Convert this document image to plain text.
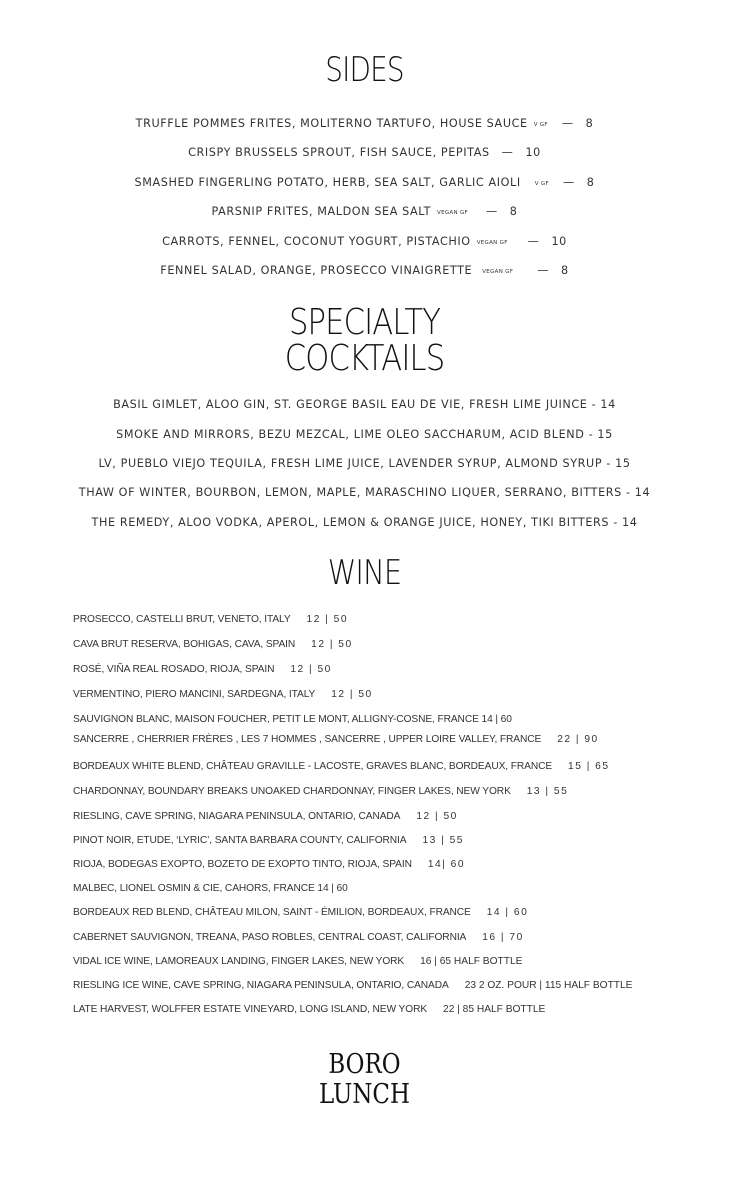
SIDES
TRUFFLE POMMES FRITES, MOLITERNO TARTUFO, HOUSE SAUCE V GF — 8
CRISPY BRUSSELS SPROUT, FISH SAUCE, PEPITAS — 10
SMASHED FINGERLING POTATO, HERB, SEA SALT, GARLIC AIOLI	V GF — 8
PARSNIP FRITES, MALDON SEA SALT VEGAN GF — 8
CARROTS, FENNEL, COCONUT YOGURT, PISTACHIO VEGAN GF — 10
FENNEL SALAD, ORANGE, PROSECCO VINAIGRETTE VEGAN GF — 8
SPECIALTY
COCKTAILS
BASIL GIMLET, ALOO GIN, ST. GEORGE BASIL EAU DE VIE, FRESH LIME JUINCE - 14
SMOKE AND MIRRORS, BEZU MEZCAL, LIME OLEO SACCHARUM, ACID BLEND - 15
LV, PUEBLO VIEJO TEQUILA, FRESH LIME JUICE, LAVENDER SYRUP, ALMOND SYRUP - 15
THAW OF WINTER, BOURBON, LEMON, MAPLE, MARASCHINO LIQUER, SERRANO, BITTERS - 14
THE REMEDY, ALOO VODKA, APEROL, LEMON & ORANGE JUICE, HONEY, TIKI BITTERS - 14
WINE
PROSECCO, CASTELLI BRUT, VENETO, ITALY 12 | 50
CAVA BRUT RESERVA, BOHIGAS, CAVA, SPAIN 12 | 50
ROSÉ, VIÑA REAL ROSADO, RIOJA, SPAIN 12 | 50
VERMENTINO, PIERO MANCINI, SARDEGNA, ITALY 12 | 50
SAUVIGNON BLANC, MAISON FOUCHER, PETIT LE MONT, ALLIGNY-COSNE, FRANCE 14 | 60
SANCERRE , CHERRIER FRÈRES , LES 7 HOMMES , SANCERRE , UPPER LOIRE VALLEY, FRANCE 22 | 90
BORDEAUX WHITE BLEND, CHÂTEAU GRAVILLE - LACOSTE, GRAVES BLANC, BORDEAUX, FRANCE 15 | 65
CHARDONNAY, BOUNDARY BREAKS UNOAKED CHARDONNAY, FINGER LAKES, NEW YORK 13 | 55
RIESLING, CAVE SPRING, NIAGARA PENINSULA, ONTARIO, CANADA 12 | 50
PINOT NOIR, ETUDE, ‘LYRIC’, SANTA BARBARA COUNTY, CALIFORNIA 13 | 55
RIOJA, BODEGAS EXOPTO, BOZETO DE EXOPTO TINTO, RIOJA, SPAIN 14| 60
MALBEC, LIONEL OSMIN & CIE, CAHORS, FRANCE 14 | 60
BORDEAUX RED BLEND, CHÂTEAU MILON, SAINT - ÉMILION, BORDEAUX, FRANCE 14 | 60
CABERNET SAUVIGNON, TREANA, PASO ROBLES, CENTRAL COAST, CALIFORNIA 16 | 70
VIDAL ICE WINE, LAMOREAUX LANDING, FINGER LAKES, NEW YORK 16 | 65 HALF BOTTLE
RIESLING ICE WINE, CAVE SPRING, NIAGARA PENINSULA, ONTARIO, CANADA 23 2 OZ. POUR | 115 HALF BOTTLE
LATE HARVEST, WOLFFER ESTATE VINEYARD, LONG ISLAND, NEW YORK 22 | 85 HALF BOTTLE
BORO
LUNCH
